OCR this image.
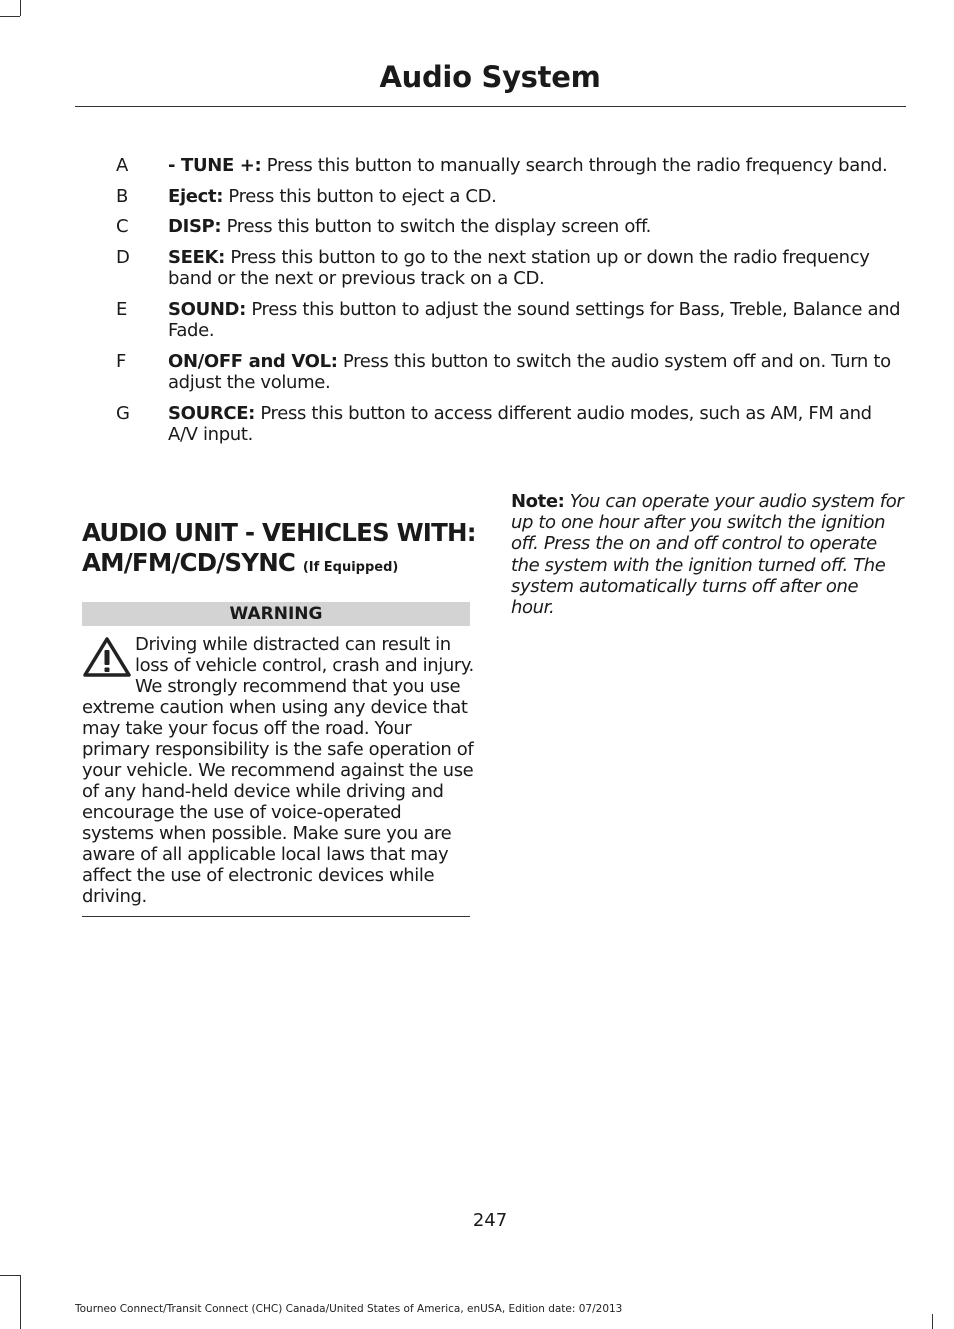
Audio System
A	- TUNE +: Press this button to manually search through the radio frequency band.
B	Eject: Press this button to eject a CD.
C	DISP: Press this button to switch the display screen off.
D	SEEK: Press this button to go to the next station up or down the radio frequency band or the next or previous track on a CD.
E	SOUND: Press this button to adjust the sound settings for Bass, Treble, Balance and Fade.
F	ON/OFF and VOL: Press this button to switch the audio system off and on. Turn to adjust the volume.
G	SOURCE: Press this button to access different audio modes, such as AM, FM and A/V input.
AUDIO UNIT - VEHICLES WITH:
AM/FM/CD/SYNC (If Equipped)
WARNING
Driving while distracted can result in loss of vehicle control, crash and injury. We strongly recommend that you use extreme caution when using any device that may take your focus off the road. Your primary responsibility is the safe operation of your vehicle. We recommend against the use of any hand-held device while driving and encourage the use of voice-operated systems when possible. Make sure you are aware of all applicable local laws that may affect the use of electronic devices while driving.
Note: You can operate your audio system for up to one hour after you switch the ignition off. Press the on and off control to operate the system with the ignition turned off. The system automatically turns off after one hour.
247
Tourneo Connect/Transit Connect (CHC) Canada/United States of America, enUSA, Edition date: 07/2013
